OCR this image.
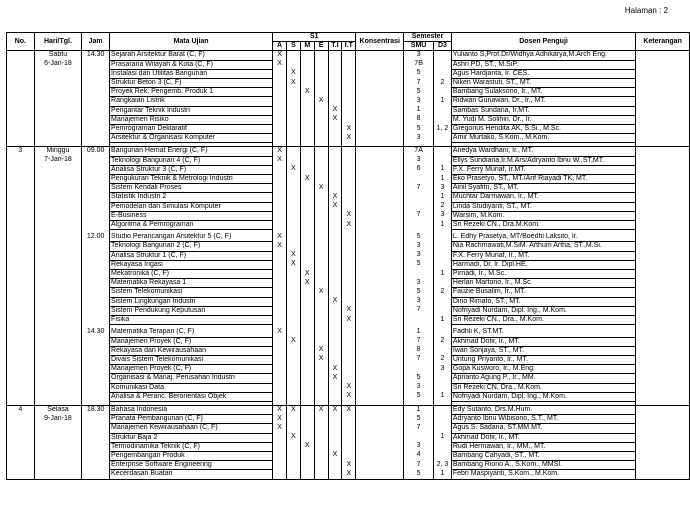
Halaman : 2
No.	Hari/Tgl.	Jam	Mata Ujian	S1						Konsentrasi	Semester		Dosen Penguji	Keterangan
				A	S	M	E	T.I	I.T		SMU	D3		
	Sabtu	14.30	Sejarah Arsitektur Barat (C, F)	X							3		Yulianto S,Prof.Dr/Widhya Adhikarya,M.Arch Eng.	
	6-Jan-18		Prasarana Wilayah & Kota (C, F)	X							7B		Ashri PD, ST., M.SiP.	
			Instalasi dan Utilitas Bangunan		X						5		Agus Hardjanta, Ir. CES.	
			Struktur Beton 3 (C, F)		X						7	2	Niken Warastuti, ST., MT.	
			Proyek Rek. Pengemb. Produk 1			X					5		Bambang Sulaksono, Ir., MT.	
			Rangkaian Listrik				X				3	1	Ridwan Gunawan, Dr., Ir., MT.	
			Pengantar Teknik Industri					X			1		Sambas Sundana, Ir.MT.	
			Manajemen Risiko					X			8		M. Yudi M. Solihin, Dr., Ir.	
			Pemrograman Deklaratif						X		5	1, 2	Gregorius Hendita AK, S.Si., M.Sc.	
			Arsitektur & Organisasi Komputer						X		3		Amir Murtako, S.Kom., M.Kom.	

3	Minggu	09.00	Bangunan Hemat Energi (C, F)	X							7A		Anedya Wardhani, Ir., MT.	
	7-Jan-18		Teknologi Bangunan 4 (C, F)	X							3		Ellys Sundiana,Ir.M.Ars/Adryanto Ibnu W.,ST,MT.	
			Analisa Struktur 3 (C, F)		X						6	1	F.X. Ferry Munaf, Ir.MT.	
			Pengukuran Teknik & Metrologi Industri			X						1	Eko Prasetyo, ST., MT./Arif Riayadi TK, MT.	
			Sistem Kendali Proses				X				7	3	Ainil Syafitri, ST., MT.	
			Statistik Industri 2					X				1	Muchtar Darmawan, Ir., MT.	
			Pemodelan dan Simulasi Komputer					X				2	Linda Studiyanti, ST., MT.	
			E-Business						X		7	3	Warsim, M.Kom.	
			Algoritma & Pemrograman						X			1	Sri Rezeki CN., Dra.M.Kom.	

		12.00	Studio Perancangan Arsitektur 5 (C, F)	X							5		L. Edhy Prasetya, MT/Boedhi Laksito, Ir.	
			Teknologi Bangunan 2 (C, F)	X							3		Nia Rachmawati,M.SiM. Arthum Artha, ST.,M.Si.	
			Analisa Struktur 1 (C, F)		X						3		F.X. Ferry Munaf, Ir., MT.	
			Rekayasa Irigasi		X						5		Harmadi, Dr. Ir. Dipl.HE.	
			Mekatronika (C, F)			X						1	Pirnadi, Ir., M.Sc.	
			Matematika Rekayasa 1			X					3		Herlan Martono, Ir., M.Sc.	
			Sistem Telekomunikasi				X				5	2	Fauzie Busalim, Ir., MT.	
			Sistem Lingkungan Industri					X			3		Dino Rimato, ST., MT.	
			Sistem Pendukung Keputusan						X		7		Nofriyadi Nurdam, Dipl. Ing., M.Kom.	
			Fisika						X			1	Sri Rezeki CN., Dra., M.Kom.	

		14.30	Matematika Terapan (C, F)	X							1		Fadhli K, ST.MT.	
			Manajemen Proyek (C, F)		X						7	2	Akhmad Dofir, Ir., MT.	
			Rekayasa dan Kewirausahaan				X				8		Iwan Sonjaya, ST., MT.	
			Divais Sistem Telekomunikasi				X				7	2	Untung Priyanto, Ir., MT.	
			Manajemen Proyek (C, F)					X				3	Gopa Kusworo, Ir., M.Eng.	
			Organisasi & Manaj. Perusahan Industri					X			5		Aprianto Agung P., Ir., MM.	
			Komunikasi Data						X		3		Sri Rezeki CN, Dra., M.Kom.	
			Analisa & Peranc. Berorientasi Objek						X		5	1	Nofriyadi Nurdam, Dipl. Ing., M.Kom.	

4	Selasa	18.30	Bahasa Indonesia	X	X		X	X	X		1		Edy Sutanto, Drs.M.Hum.	
	9-Jan-18		Pranata Pembangunan (C, F)	X							5		Adryanto Ibnu Wibisono, S.T., MT.	
			Manajemen Kewirausahaan (C, F)	X							7		Agus S. Sadana, ST.MM.MT.	
			Struktur Baja 2		X							1	Akhmad Dofir, Ir., MT.	
			Termodinamika Teknik (C, F)			X					3		Rudi Hermawan, Ir., MM., MT.	
			Pengembangan Produk					X			4		Bambang Cahyadi, ST., MT.	
			Enterprise Software Engineering						X		7	2, 3	Bambang Riono A., S.Kom., MMSI.	
			Kecerdasan Buatan						X		5	1	Febri Maspiyanti, S.Kom., M.Kom.	
